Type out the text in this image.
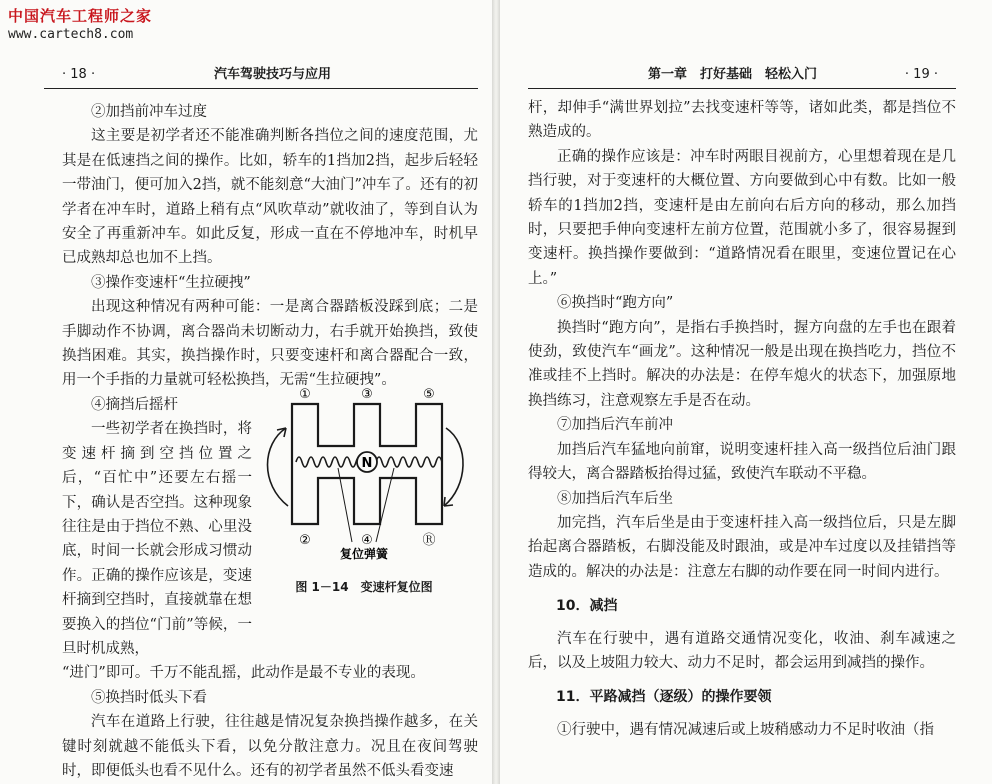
中国汽车工程师之家
www.cartech8.com
· 18 ·	汽车驾驶技巧与应用

②加挡前冲车过度

这主要是初学者还不能准确判断各挡位之间的速度范围，尤其是在低速挡之间的操作。比如，轿车的1挡加2挡，起步后轻轻一带油门，便可加入2挡，就不能刻意“大油门”冲车了。还有的初学者在冲车时，道路上稍有点“风吹草动”就收油了，等到自认为安全了再重新冲车。如此反复，形成一直在不停地冲车，时机早已成熟却总也加不上挡。

③操作变速杆“生拉硬拽”

出现这种情况有两种可能：一是离合器踏板没踩到底；二是手脚动作不协调，离合器尚未切断动力，右手就开始换挡，致使换挡困难。其实，换挡操作时，只要变速杆和离合器配合一致，用一个手指的力量就可轻松换挡，无需“生拉硬拽”。

④摘挡后摇杆

一些初学者在换挡时，将变速杆摘到空挡位置之后，“百忙中”还要左右摇一下，确认是否空挡。这种现象往往是由于挡位不熟、心里没底，时间一长就会形成习惯动作。正确的操作应该是，变速杆摘到空挡时，直接就靠在想要换入的挡位“门前”等候，一旦时机成熟，

“进门”即可。千万不能乱摇，此动作是最不专业的表现。

⑤换挡时低头下看

汽车在道路上行驶，往往越是情况复杂换挡操作越多，在关键时刻就越不能低头下看，以免分散注意力。况且在夜间驾驶时，即便低头也看不见什么。还有的初学者虽然不低头看变速

N
①	③	⑤
②	④	Ⓡ
复位弹簧
图 1－14　变速杆复位图
第一章　打好基础　轻松入门	· 19 ·

杆，却伸手“满世界划拉”去找变速杆等等，诸如此类，都是挡位不熟造成的。

正确的操作应该是：冲车时两眼目视前方，心里想着现在是几挡行驶，对于变速杆的大概位置、方向要做到心中有数。比如一般轿车的1挡加2挡，变速杆是由左前向右后方向的移动，那么加挡时，只要把手伸向变速杆左前方位置，范围就小多了，很容易握到变速杆。换挡操作要做到：“道路情况看在眼里，变速位置记在心上。”

⑥换挡时“跑方向”

换挡时“跑方向”，是指右手换挡时，握方向盘的左手也在跟着使劲，致使汽车“画龙”。这种情况一般是出现在换挡吃力，挡位不准或挂不上挡时。解决的办法是：在停车熄火的状态下，加强原地换挡练习，注意观察左手是否在动。

⑦加挡后汽车前冲

加挡后汽车猛地向前窜，说明变速杆挂入高一级挡位后油门跟得较大，离合器踏板抬得过猛，致使汽车联动不平稳。

⑧加挡后汽车后坐

加完挡，汽车后坐是由于变速杆挂入高一级挡位后，只是左脚抬起离合器踏板，右脚没能及时跟油，或是冲车过度以及挂错挡等造成的。解决的办法是：注意左右脚的动作要在同一时间内进行。

10．减挡

汽车在行驶中，遇有道路交通情况变化，收油、刹车减速之后，以及上坡阻力较大、动力不足时，都会运用到减挡的操作。

11．平路减挡（逐级）的操作要领

①行驶中，遇有情况减速后或上坡稍感动力不足时收油（指
